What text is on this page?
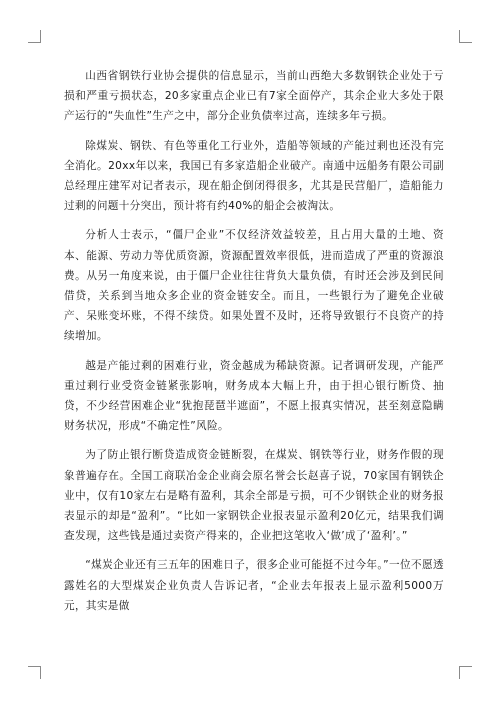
山西省钢铁行业协会提供的信息显示，当前山西绝大多数钢铁企业处于亏损和严重亏损状态，20多家重点企业已有7家全面停产，其余企业大多处于限产运行的“失血性”生产之中，部分企业负债率过高，连续多年亏损。

除煤炭、钢铁、有色等重化工行业外，造船等领域的产能过剩也还没有完全消化。20xx年以来，我国已有多家造船企业破产。南通中远船务有限公司副总经理庄建军对记者表示，现在船企倒闭得很多，尤其是民营船厂，造船能力过剩的问题十分突出，预计将有约40%的船企会被淘汰。

分析人士表示，“僵尸企业”不仅经济效益较差，且占用大量的土地、资本、能源、劳动力等优质资源，资源配置效率很低，进而造成了严重的资源浪费。从另一角度来说，由于僵尸企业往往背负大量负债，有时还会涉及到民间借贷，关系到当地众多企业的资金链安全。而且，一些银行为了避免企业破产、呆账变坏账，不得不续贷。如果处置不及时，还将导致银行不良资产的持续增加。

越是产能过剩的困难行业，资金越成为稀缺资源。记者调研发现，产能严重过剩行业受资金链紧张影响，财务成本大幅上升，由于担心银行断贷、抽贷，不少经营困难企业“犹抱琵琶半遮面”，不愿上报真实情况，甚至刻意隐瞒财务状况，形成“不确定性”风险。

为了防止银行断贷造成资金链断裂，在煤炭、钢铁等行业，财务作假的现象普遍存在。全国工商联冶金企业商会原名誉会长赵喜子说，70家国有钢铁企业中，仅有10家左右是略有盈利，其余全部是亏损，可不少钢铁企业的财务报表显示的却是“盈利”。“比如一家钢铁企业报表显示盈利20亿元，结果我们调查发现，这些钱是通过卖资产得来的，企业把这笔收入‘做’成了‘盈利’。”

“煤炭企业还有三五年的困难日子，很多企业可能挺不过今年。”一位不愿透露姓名的大型煤炭企业负责人告诉记者，“企业去年报表上显示盈利5000万元，其实是做
